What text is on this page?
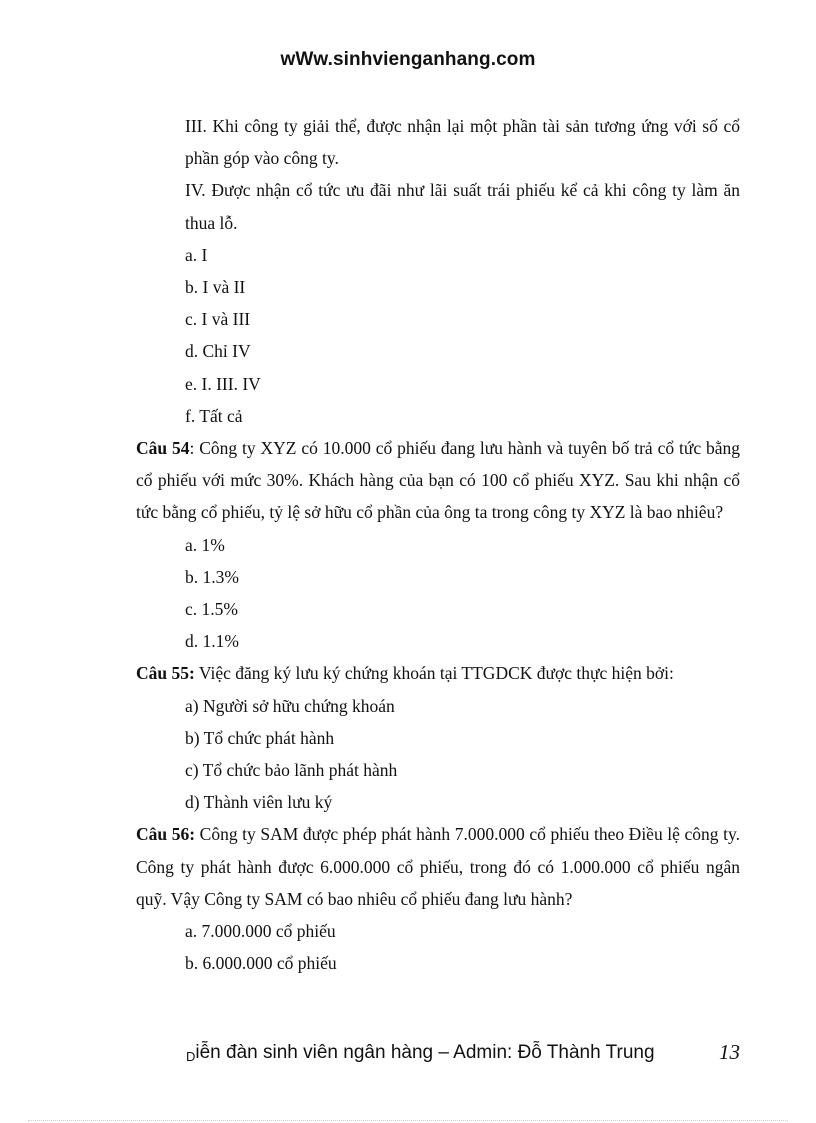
wWw.sinhvienganhang.com

III. Khi công ty giải thể, được nhận lại một phần tài sản tương ứng với số cổ phần góp vào công ty.

IV. Được nhận cổ tức ưu đãi như lãi suất trái phiếu kể cả khi công ty làm ăn thua lỗ.

a. I

b. I và II

c. I và III

d. Chỉ IV

e. I. III. IV

f. Tất cả

Câu 54: Công ty XYZ có 10.000 cổ phiếu đang lưu hành và tuyên bố trả cổ tức bằng cổ phiếu với mức 30%. Khách hàng của bạn có 100 cổ phiếu XYZ. Sau khi nhận cổ tức bằng cổ phiếu, tỷ lệ sở hữu cổ phần của ông ta trong công ty XYZ là bao nhiêu?

a. 1%

b. 1.3%

c. 1.5%

d. 1.1%

Câu 55: Việc đăng ký lưu ký chứng khoán tại TTGDCK được thực hiện bởi:

a) Người sở hữu chứng khoán

b) Tổ chức phát hành

c) Tổ chức bảo lãnh phát hành

d) Thành viên lưu ký

Câu 56: Công ty SAM được phép phát hành 7.000.000 cổ phiếu theo Điều lệ công ty. Công ty phát hành được 6.000.000 cổ phiếu, trong đó có 1.000.000 cổ phiếu ngân quỹ. Vậy Công ty SAM có bao nhiêu cổ phiếu đang lưu hành?

a. 7.000.000 cổ phiếu

b. 6.000.000 cổ phiếu

Diễn đàn sinh viên ngân hàng – Admin: Đỗ Thành Trung	13
